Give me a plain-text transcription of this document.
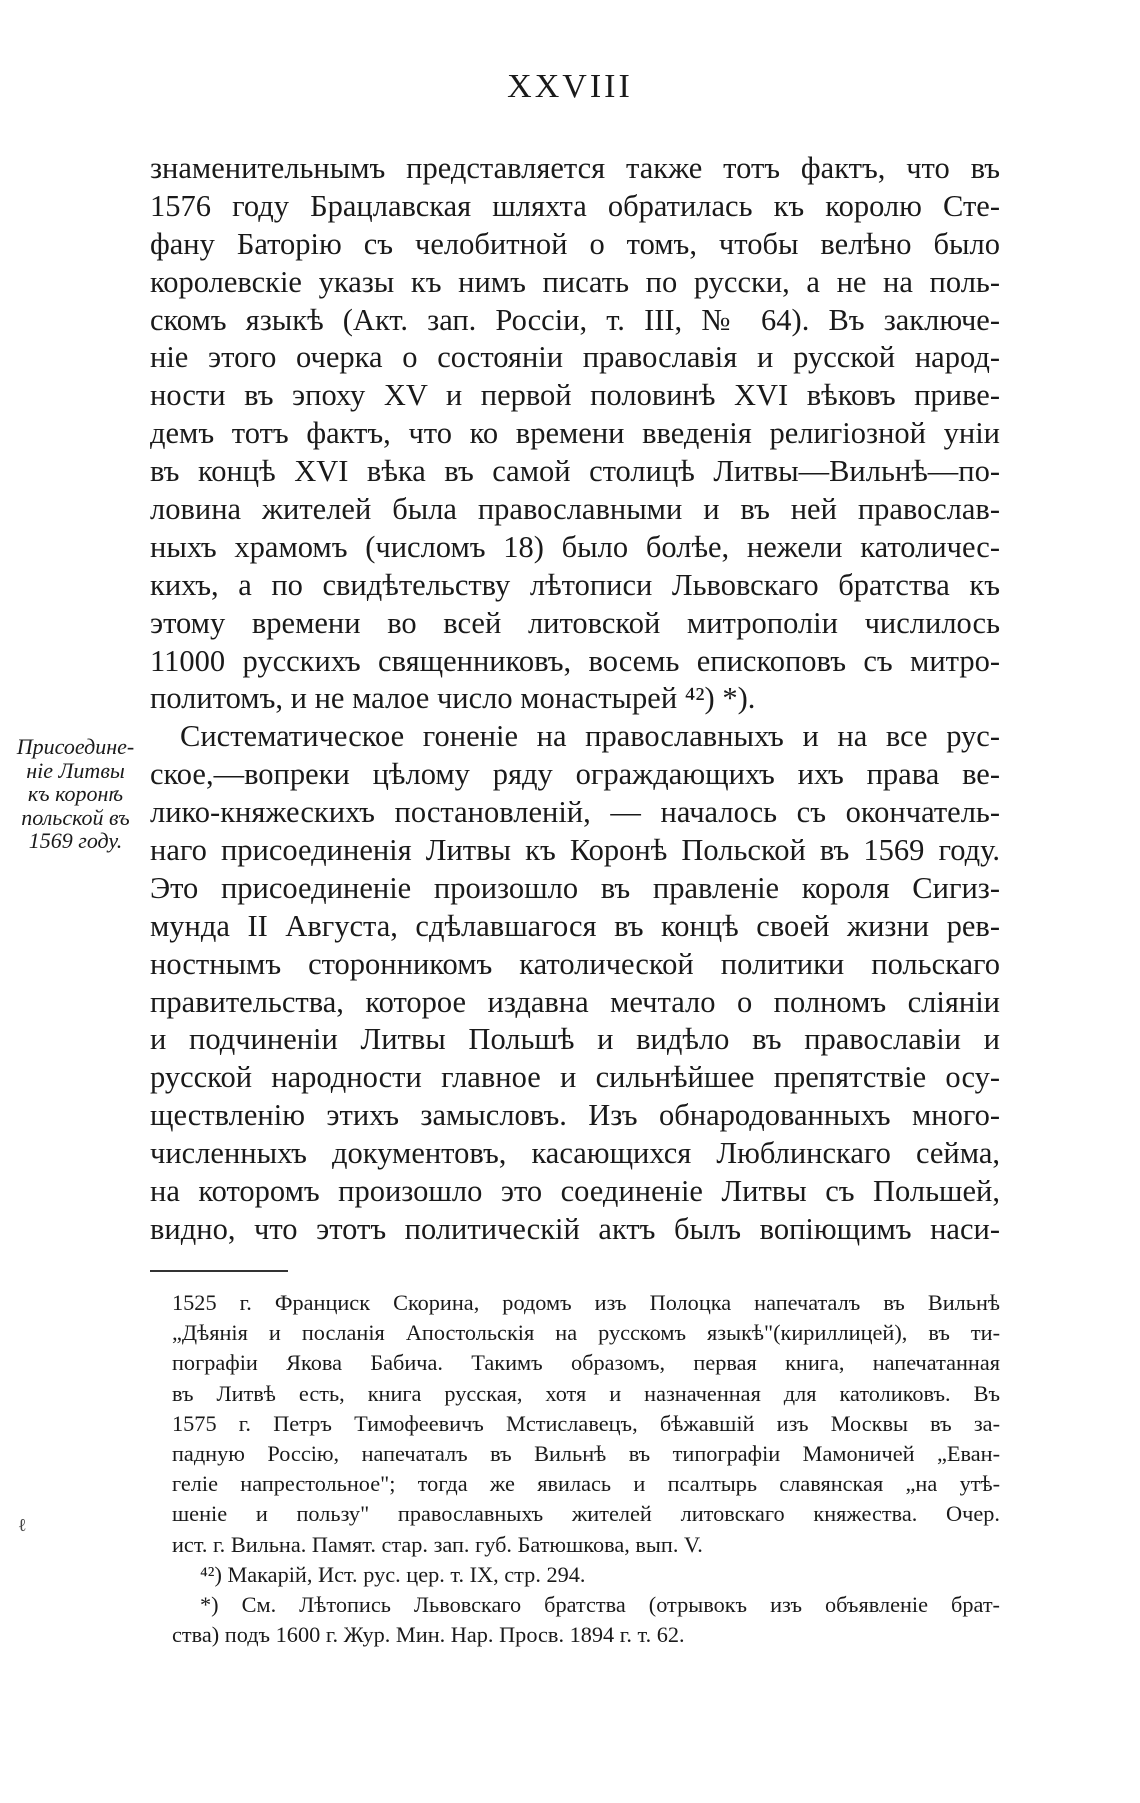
XXVIII
знаменительнымъ представляется также тотъ фактъ, что въ
1576 году Брацлавская шляхта обратилась къ королю Сте-
фану Баторію съ челобитной о томъ, чтобы велѣно было
королевскіе указы къ нимъ писать по русски, а не на поль-
скомъ языкѣ (Акт. зап. Россіи, т. III, № 64). Въ заключе-
ніе этого очерка о состояніи православія и русской народ-
ности въ эпоху XV и первой половинѣ XVI вѣковъ приве-
демъ тотъ фактъ, что ко времени введенія религіозной уніи
въ концѣ XVI вѣка въ самой столицѣ Литвы—Вильнѣ—по-
ловина жителей была православными и въ ней православ-
ныхъ храмомъ (числомъ 18) было болѣе, нежели католичес-
кихъ, а по свидѣтельству лѣтописи Львовскаго братства къ
этому времени во всей литовской митрополіи числилось
11000 русскихъ священниковъ, восемь епископовъ съ митро-
политомъ, и не малое число монастырей ⁴²) *).
Систематическое гоненіе на православныхъ и на все рус-
ское,—вопреки цѣлому ряду ограждающихъ ихъ права ве-
лико-княжескихъ постановленій, — началось съ окончатель-
наго присоединенія Литвы къ Коронѣ Польской въ 1569 году.
Это присоединеніе произошло въ правленіе короля Сигиз-
мунда II Августа, сдѣлавшагося въ концѣ своей жизни рев-
ностнымъ сторонникомъ католической политики польскаго
правительства, которое издавна мечтало о полномъ сліяніи
и подчиненіи Литвы Польшѣ и видѣло въ православіи и
русской народности главное и сильнѣйшее препятствіе осу-
ществленію этихъ замысловъ. Изъ обнародованныхъ много-
численныхъ документовъ, касающихся Люблинскаго сейма,
на которомъ произошло это соединеніе Литвы съ Польшей,
видно, что этотъ политическій актъ былъ вопіющимъ наси-
Присоедине-
ніе Литвы
къ коронѣ
польской въ
1569 году.
1525 г. Франциск Скорина, родомъ изъ Полоцка напечаталъ въ Вильнѣ
„Дѣянія и посланія Апостольскія на русскомъ языкѣ"(кириллицей), въ ти-
пографіи Якова Бабича. Такимъ образомъ, первая книга, напечатанная
въ Литвѣ есть, книга русская, хотя и назначенная для католиковъ. Въ
1575 г. Петръ Тимофеевичъ Мстиславецъ, бѣжавшій изъ Москвы въ за-
падную Россію, напечаталъ въ Вильнѣ въ типографіи Мамоничей „Еван-
геліе напрестольное"; тогда же явилась и псалтырь славянская „на утѣ-
шеніе и пользу" православныхъ жителей литовскаго княжества. Очер.
ист. г. Вильна. Памят. стар. зап. губ. Батюшкова, вып. V.
⁴²) Макарій, Ист. рус. цер. т. IX, стр. 294.
*) См. Лѣтопись Львовскаго братства (отрывокъ изъ объявленіе брат-
ства) подъ 1600 г. Жур. Мин. Нар. Просв. 1894 г. т. 62.
ℓ
